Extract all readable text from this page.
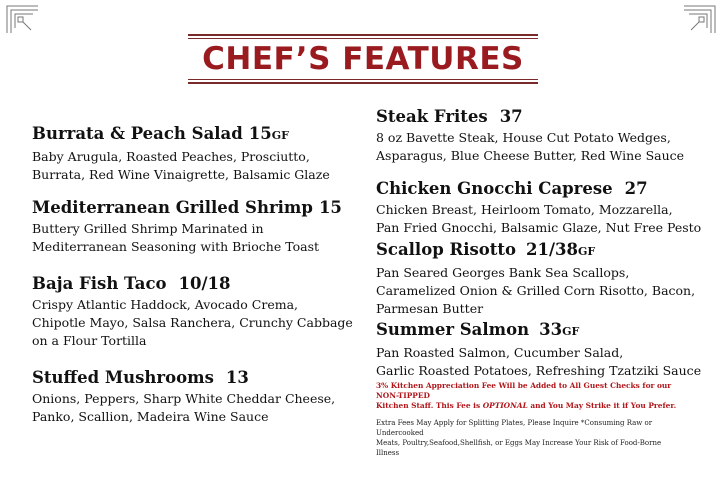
CHEF’S FEATURES
Burrata & Peach Salad 15GF

Baby Arugula, Roasted Peaches, Prosciutto,
Burrata, Red Wine Vinaigrette, Balsamic Glaze

Mediterranean Grilled Shrimp 15

Buttery Grilled Shrimp Marinated in
Mediterranean Seasoning with Brioche Toast

Baja Fish Taco 10/18

Crispy Atlantic Haddock, Avocado Crema,
Chipotle Mayo, Salsa Ranchera, Crunchy Cabbage
on a Flour Tortilla

Stuffed Mushrooms 13

Onions, Peppers, Sharp White Cheddar Cheese,
Panko, Scallion, Madeira Wine Sauce

Steak Frites 37

8 oz Bavette Steak, House Cut Potato Wedges,
Asparagus, Blue Cheese Butter, Red Wine Sauce

Chicken Gnocchi Caprese 27

Chicken Breast, Heirloom Tomato, Mozzarella,
Pan Fried Gnocchi, Balsamic Glaze, Nut Free Pesto

Scallop Risotto 21/38GF

Pan Seared Georges Bank Sea Scallops,
Caramelized Onion & Grilled Corn Risotto, Bacon,
Parmesan Butter

Summer Salmon 33GF

Pan Roasted Salmon, Cucumber Salad,
Garlic Roasted Potatoes, Refreshing Tzatziki Sauce

3% Kitchen Appreciation Fee Will be Added to All Guest Checks for our NON-TIPPED
Kitchen Staff. This Fee is OPTIONAL and You May Strike it if You Prefer.
Extra Fees May Apply for Splitting Plates, Please Inquire *Consuming Raw or Undercooked
Meats, Poultry,Seafood,Shellfish, or Eggs May Increase Your Risk of Food-Borne Illness
